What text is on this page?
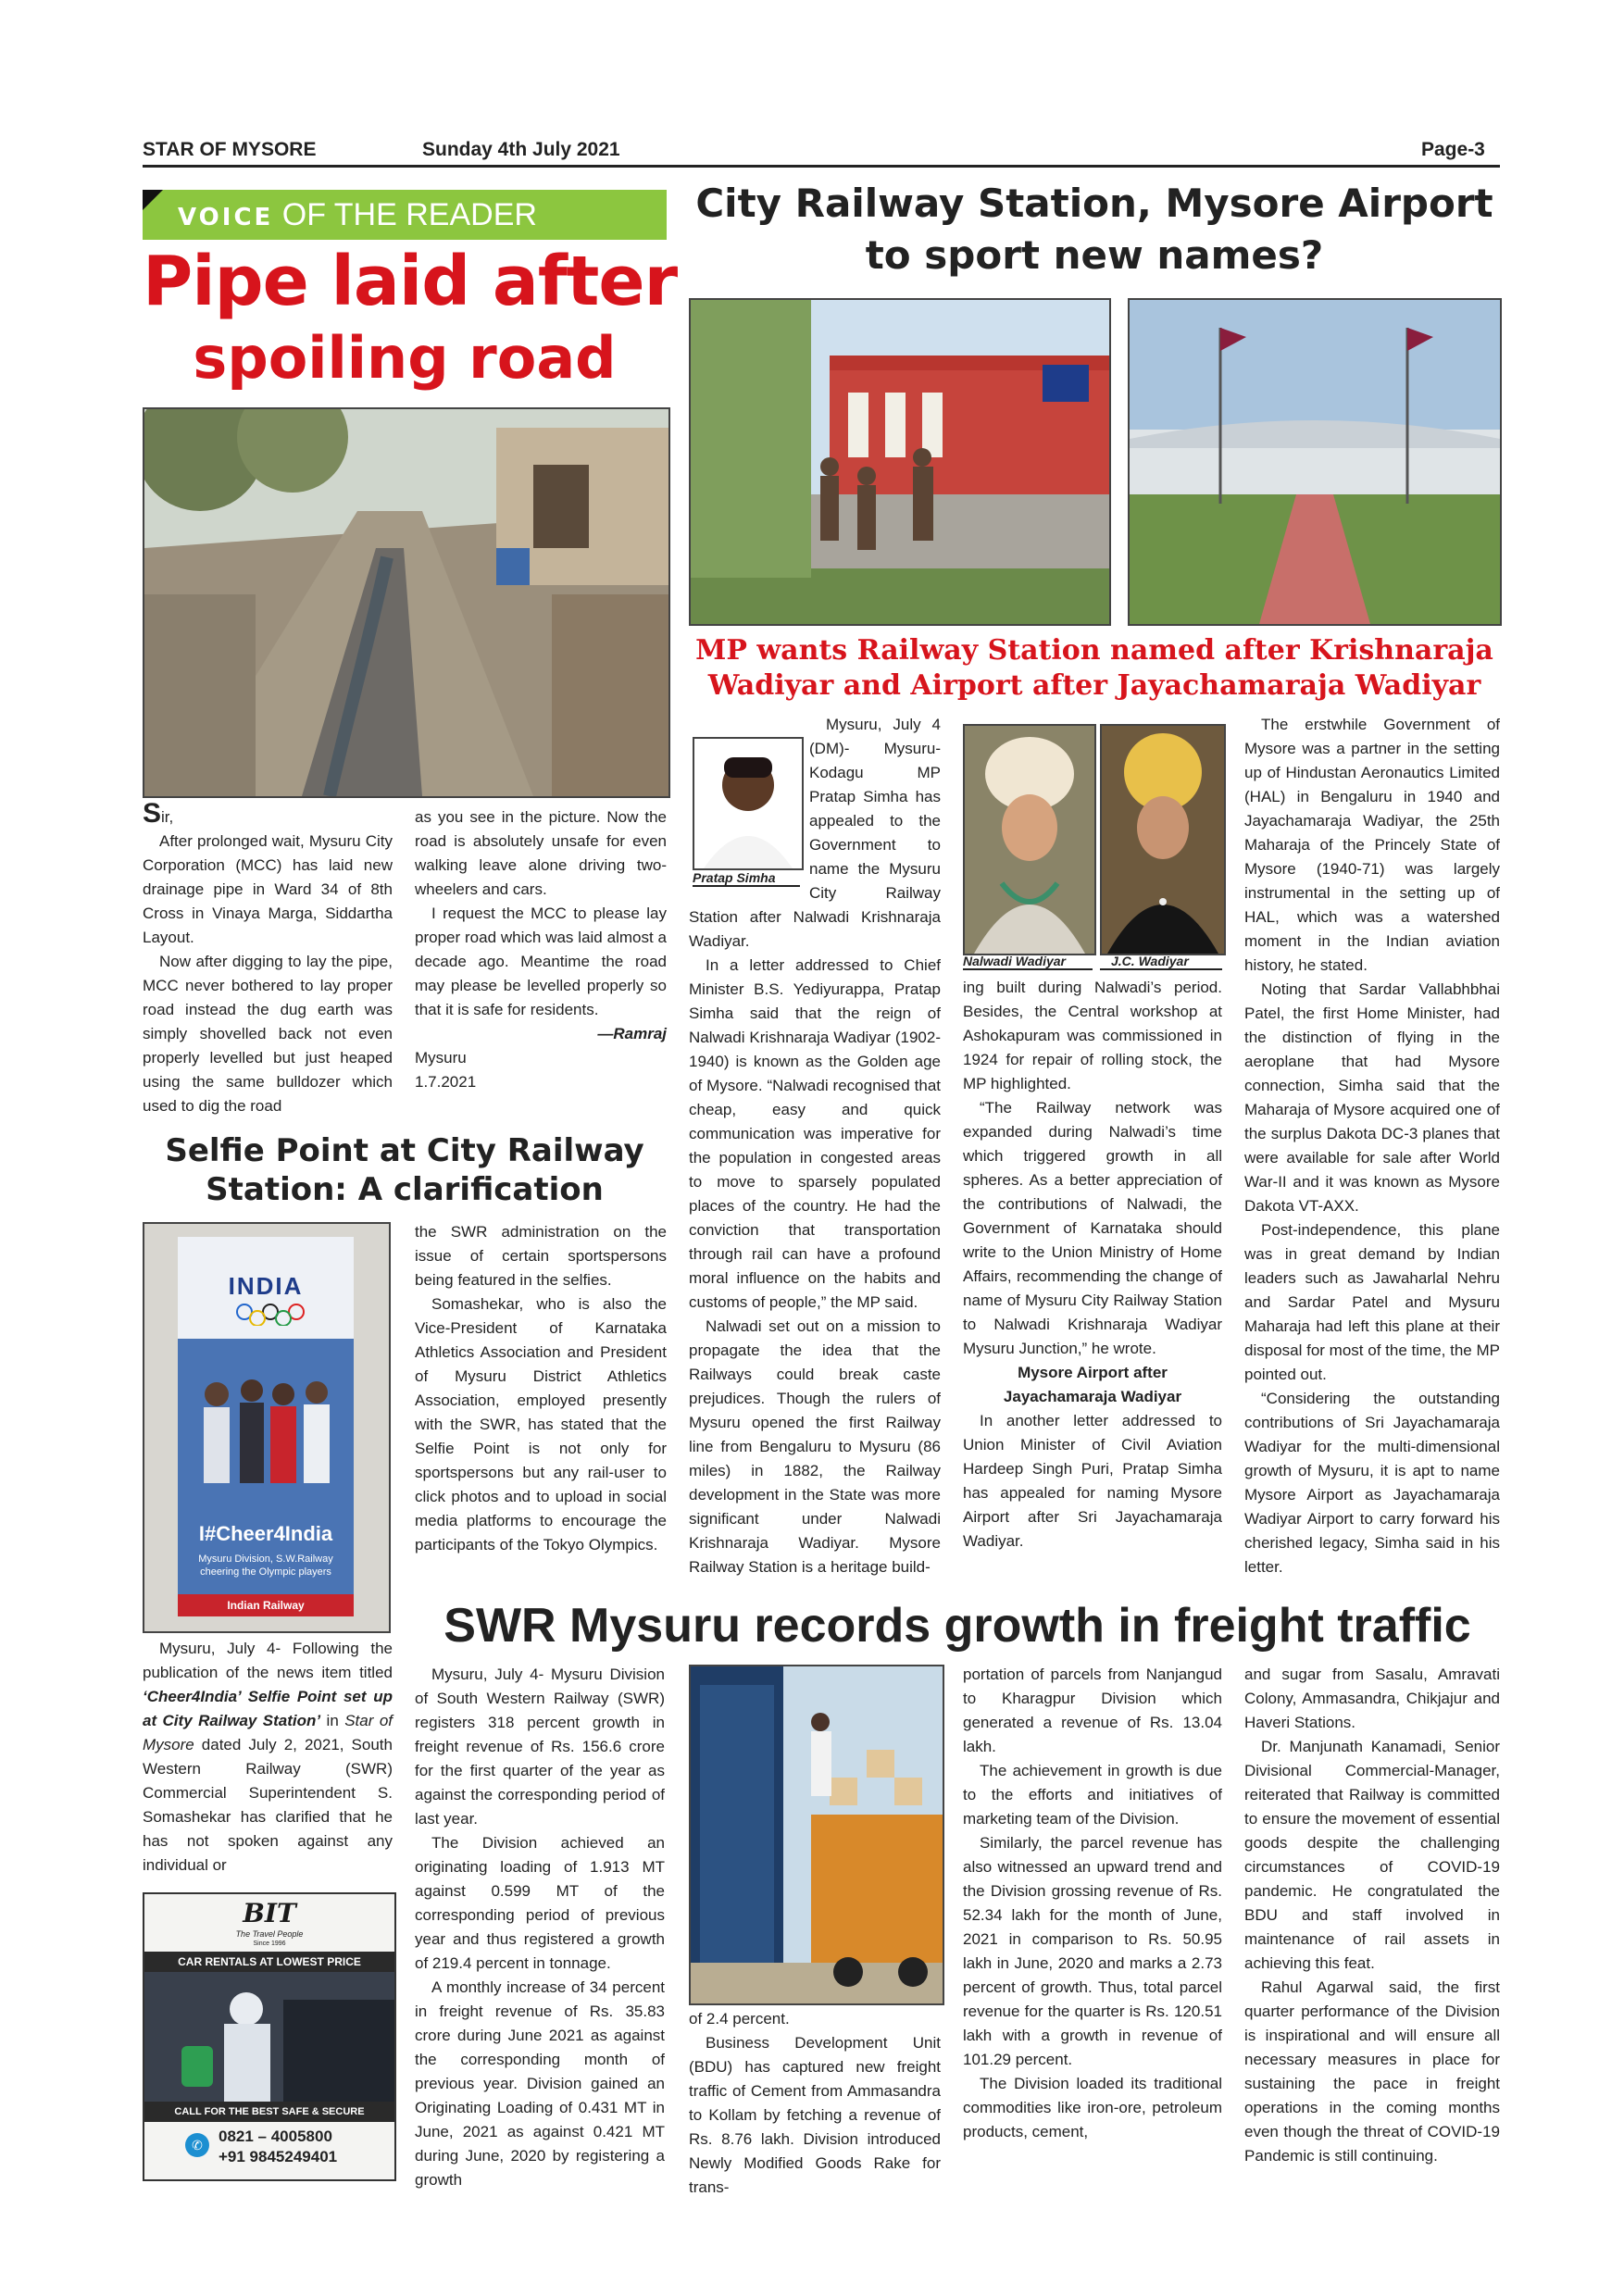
STAR OF MYSORE	Sunday 4th July 2021	Page-3
VOICE OF THE READER
Pipe laid after
spoiling road

Sir,

After prolonged wait, Mysuru City Corporation (MCC) has laid new drainage pipe in Ward 34 of 8th Cross in Vinaya Marga, Siddartha Layout.

Now after digging to lay the pipe, MCC never bothered to lay proper road instead the dug earth was simply shovelled back not even properly levelled but just heaped using the same bulldozer which used to dig the road

as you see in the picture. Now the road is absolutely unsafe for even walking leave alone driving two-wheelers and cars.

I request the MCC to please lay proper road which was laid almost a decade ago. Meantime the road may please be levelled properly so that it is safe for residents.

—Ramraj

Mysuru

1.7.2021

Selfie Point at City Railway
Station: A clarification
INDIA
I#Cheer4India
Mysuru Division, S.W.Railway
cheering the Olympic players
Indian Railway

the SWR administration on the issue of certain sportspersons being featured in the selfies.

Somashekar, who is also the Vice-President of Karnataka Athletics Association and President of Mysuru District Athletics Association, employed presently with the SWR, has stated that the Selfie Point is not only for sportspersons but any rail-user to click photos and to upload in social media platforms to encourage the participants of the Tokyo Olympics.

Mysuru, July 4- Following the publication of the news item titled ‘Cheer4India’ Selfie Point set up at City Railway Station’ in Star of Mysore dated July 2, 2021, South Western Railway (SWR) Commercial Superintendent S. Somashekar has clarified that he has not spoken against any individual or

BIT
The Travel People
Since 1996
CAR RENTALS AT LOWEST PRICE
CALL FOR THE BEST SAFE & SECURE
✆	0821 – 4005800
+91 9845249401
City Railway Station, Mysore Airport
to sport new names?
MP wants Railway Station named after Krishnaraja
Wadiyar and Airport after Jayachamaraja Wadiyar
Pratap Simha
Nalwadi Wadiyar	J.C. Wadiyar

Mysuru, July 4 (DM)- Mysuru-Kodagu MP Pratap Simha has appealed to the Government to name the Mysuru City Railway Station after Nalwadi Krishnaraja Wadiyar.

In a letter addressed to Chief Minister B.S. Yediyurappa, Pratap Simha said that the reign of Nalwadi Krishnaraja Wadiyar (1902-1940) is known as the Golden age of Mysore. “Nalwadi recognised that cheap, easy and quick communication was imperative for the population in congested areas to move to sparsely populated places of the country. He had the conviction that transportation through rail can have a profound moral influence on the habits and customs of people,” the MP said.

Nalwadi set out on a mission to propagate the idea that the Railways could break caste prejudices. Though the rulers of Mysuru opened the first Railway line from Bengaluru to Mysuru (86 miles) in 1882, the Railway development in the State was more significant under Nalwadi Krishnaraja Wadiyar. Mysore Railway Station is a heritage build-

ing built during Nalwadi’s period. Besides, the Central workshop at Ashokapuram was commissioned in 1924 for repair of rolling stock, the MP highlighted.

“The Railway network was expanded during Nalwadi’s time which triggered growth in all spheres. As a better appreciation of the contributions of Nalwadi, the Government of Karnataka should write to the Union Ministry of Home Affairs, recommending the change of name of Mysuru City Railway Station to Nalwadi Krishnaraja Wadiyar Mysuru Junction,” he wrote.

Mysore Airport after

Jayachamaraja Wadiyar

In another letter addressed to Union Minister of Civil Aviation Hardeep Singh Puri, Pratap Simha has appealed for naming Mysore Airport after Sri Jayachamaraja Wadiyar.

The erstwhile Government of Mysore was a partner in the setting up of Hindustan Aeronautics Limited (HAL) in Bengaluru in 1940 and Jayachamaraja Wadiyar, the 25th Maharaja of the Princely State of Mysore (1940-71) was largely instrumental in the setting up of HAL, which was a watershed moment in the Indian aviation history, he stated.

Noting that Sardar Vallabhbhai Patel, the first Home Minister, had the distinction of flying in the aeroplane that had Mysore connection, Simha said that the Maharaja of Mysore acquired one of the surplus Dakota DC-3 planes that were available for sale after World War-II and it was known as Mysore Dakota VT-AXX.

Post-independence, this plane was in great demand by Indian leaders such as Jawaharlal Nehru and Sardar Patel and Mysuru Maharaja had left this plane at their disposal for most of the time, the MP pointed out.

“Considering the outstanding contributions of Sri Jayachamaraja Wadiyar for the multi-dimensional growth of Mysuru, it is apt to name Mysore Airport as Jayachamaraja Wadiyar Airport to carry forward his cherished legacy, Simha said in his letter.

SWR Mysuru records growth in freight traffic

Mysuru, July 4- Mysuru Division of South Western Railway (SWR) registers 318 percent growth in freight revenue of Rs. 156.6 crore for the first quarter of the year as against the corresponding period of last year.

The Division achieved an originating loading of 1.913 MT against 0.599 MT of the corresponding period of previous year and thus registered a growth of 219.4 percent in tonnage.

A monthly increase of 34 percent in freight revenue of Rs. 35.83 crore during June 2021 as against the corresponding month of previous year. Division gained an Originating Loading of 0.431 MT in June, 2021 as against 0.421 MT during June, 2020 by registering a growth

of 2.4 percent.

Business Development Unit (BDU) has captured new freight traffic of Cement from Ammasandra to Kollam by fetching a revenue of Rs. 8.76 lakh. Division introduced Newly Modified Goods Rake for trans-

portation of parcels from Nanjangud to Kharagpur Division which generated a revenue of Rs. 13.04 lakh.

The achievement in growth is due to the efforts and initiatives of marketing team of the Division.

Similarly, the parcel revenue has also witnessed an upward trend and the Division grossing revenue of Rs. 52.34 lakh for the month of June, 2021 in comparison to Rs. 50.95 lakh in June, 2020 and marks a 2.73 percent of growth. Thus, total parcel revenue for the quarter is Rs. 120.51 lakh with a growth in revenue of 101.29 percent.

The Division loaded its traditional commodities like iron-ore, petroleum products, cement,

and sugar from Sasalu, Amravati Colony, Ammasandra, Chikjajur and Haveri Stations.

Dr. Manjunath Kanamadi, Senior Divisional Commercial-Manager, reiterated that Railway is committed to ensure the movement of essential goods despite the challenging circumstances of COVID-19 pandemic. He congratulated the BDU and staff involved in maintenance of rail assets in achieving this feat.

Rahul Agarwal said, the first quarter performance of the Division is inspirational and will ensure all necessary measures in place for sustaining the pace in freight operations in the coming months even though the threat of COVID-19 Pandemic is still continuing.
